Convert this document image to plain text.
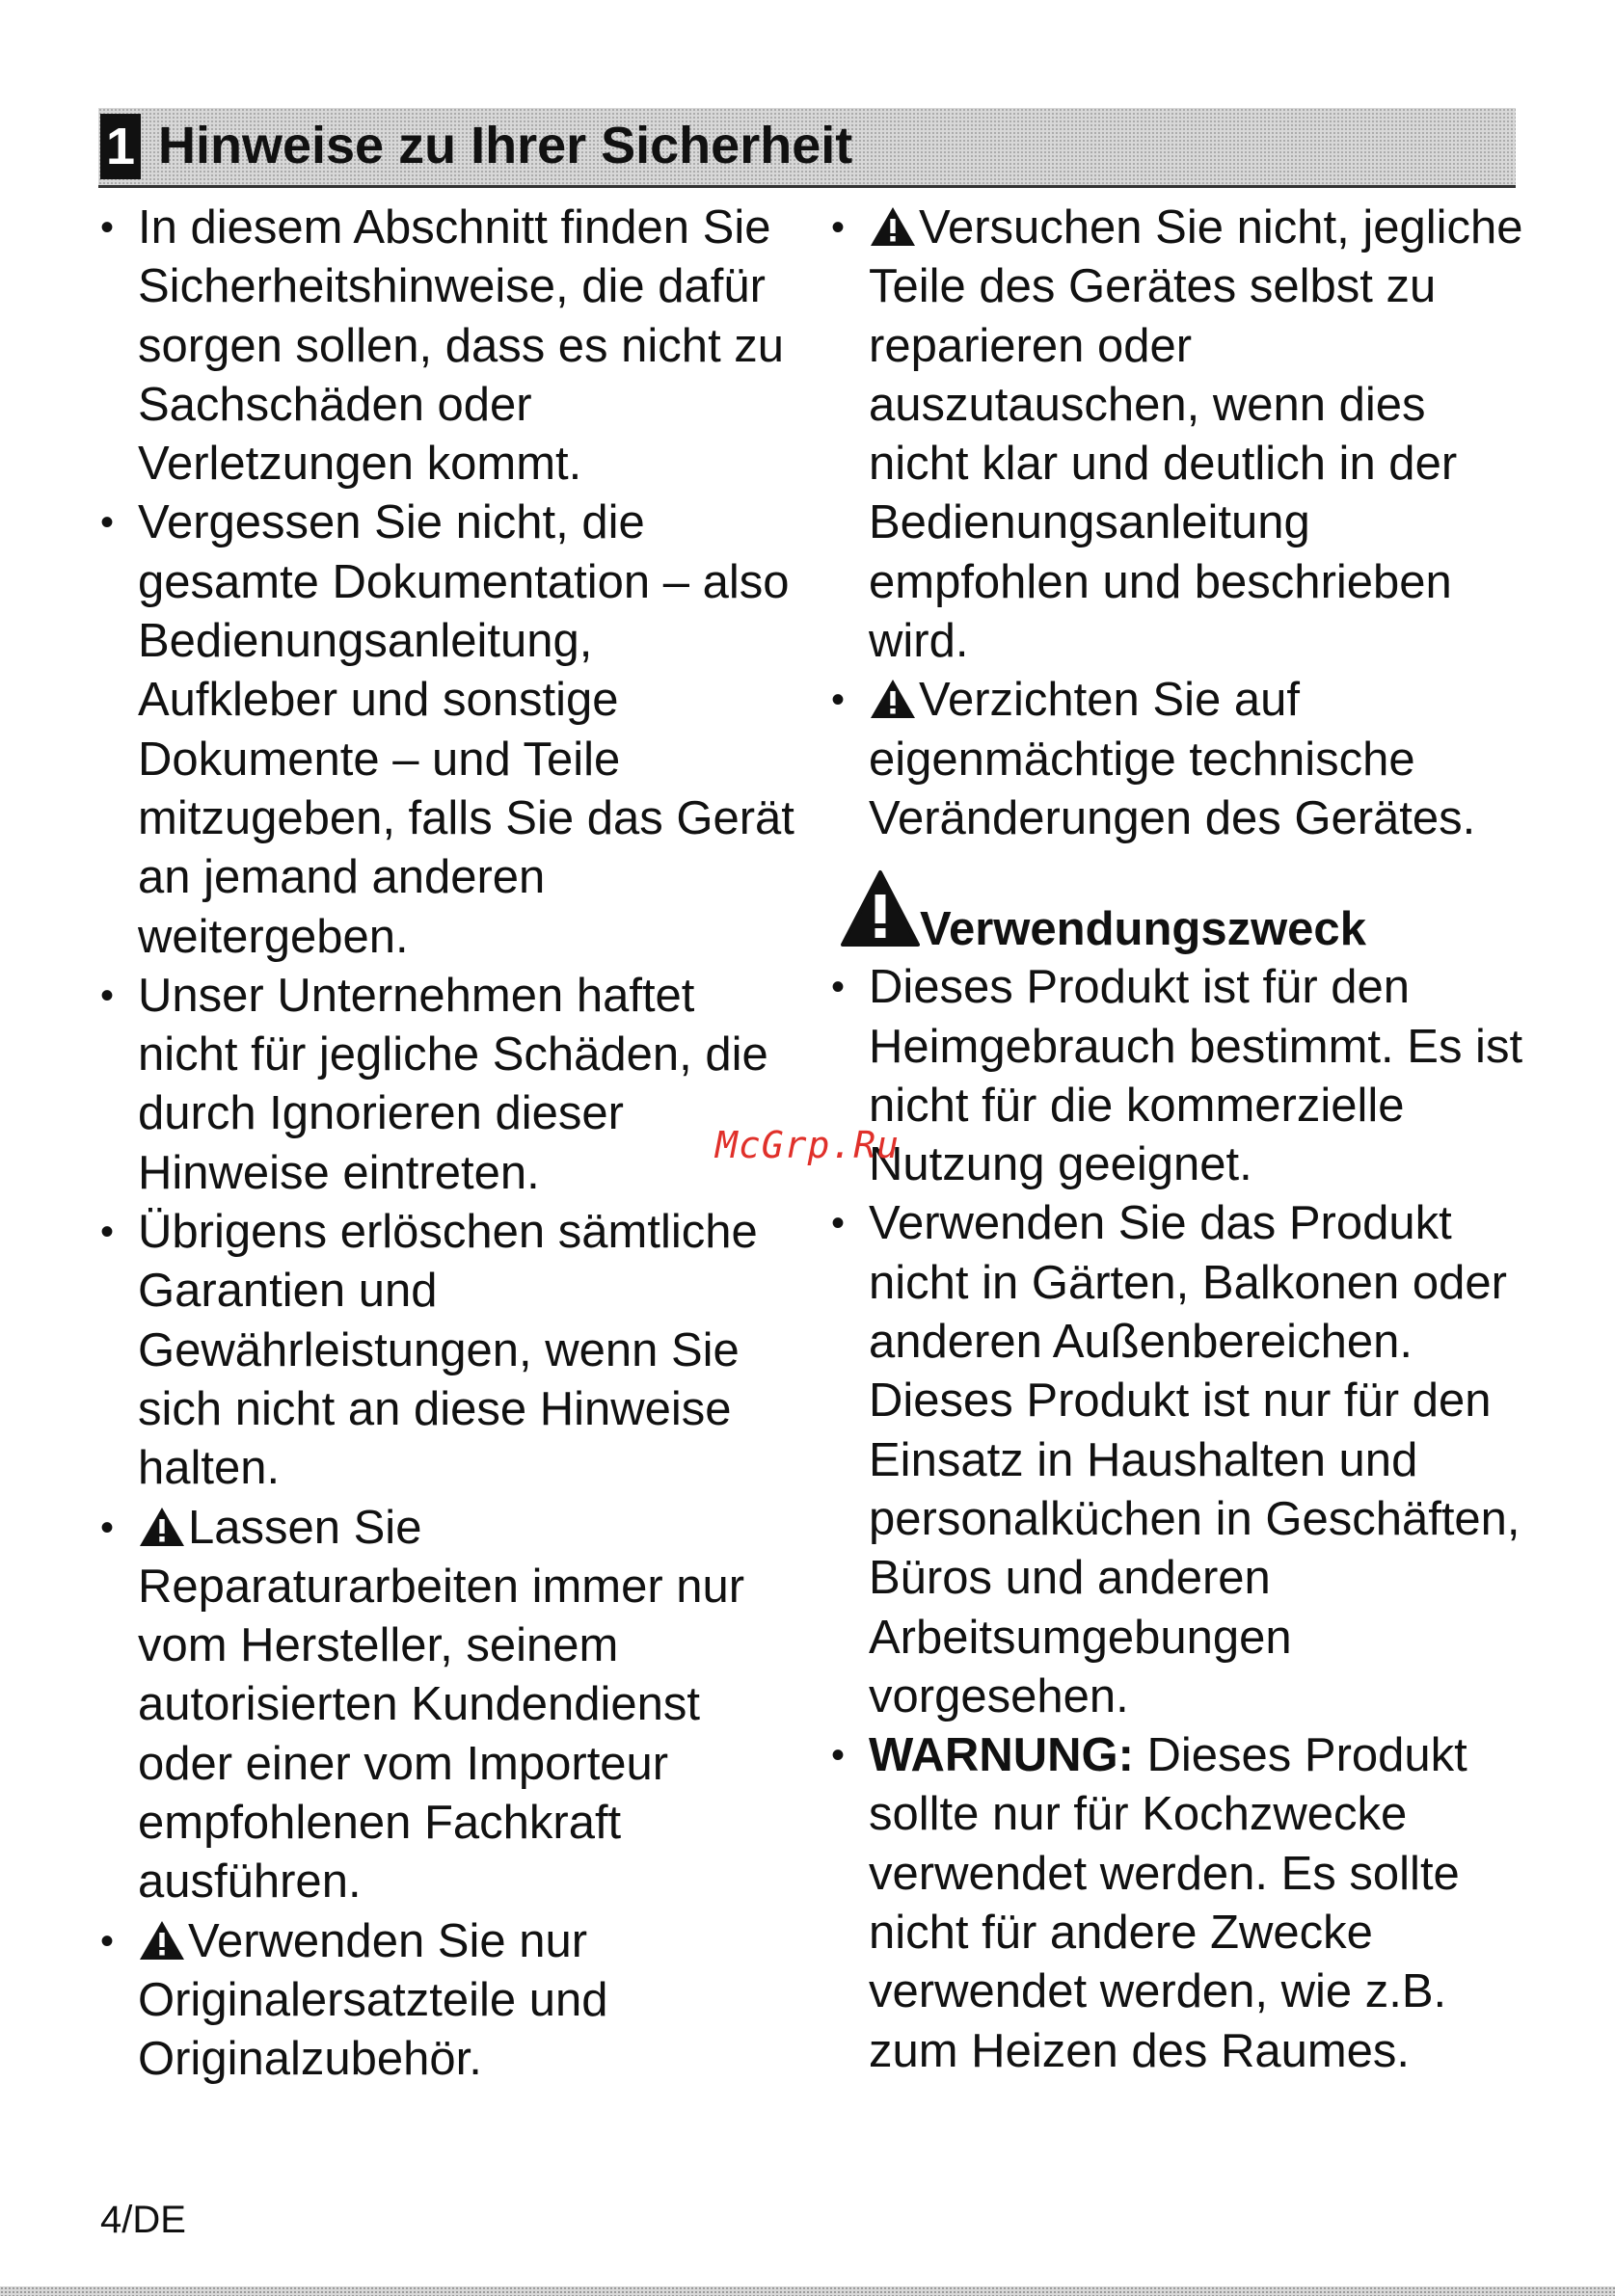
1 Hinweise zu Ihrer Sicherheit
• In diesem Abschnitt finden Sie Sicherheitshinweise, die dafür sorgen sollen, dass es nicht zu Sachschäden oder Verletzungen kommt.
• Vergessen Sie nicht, die gesamte Dokumentation – also Bedienungsanleitung, Aufkleber und sonstige Dokumente – und Teile mitzugeben, falls Sie das Gerät an jemand anderen weitergeben.
• Unser Unternehmen haftet nicht für jegliche Schäden, die durch Ignorieren dieser Hinweise eintreten.
• Übrigens erlöschen sämtliche Garantien und Gewährleistungen, wenn Sie sich nicht an diese Hinweise halten.
• Lassen Sie Reparaturarbeiten immer nur vom Hersteller, seinem autorisierten Kundendienst oder einer vom Importeur empfohlenen Fachkraft ausführen.
• Verwenden Sie nur Originalersatzteile und Originalzubehör.
• Versuchen Sie nicht, jegliche Teile des Gerätes selbst zu reparieren oder auszutauschen, wenn dies nicht klar und deutlich in der Bedienungsanleitung empfohlen und beschrieben wird.
• Verzichten Sie auf eigenmächtige technische Veränderungen des Gerätes.
Verwendungszweck
• Dieses Produkt ist für den Heimgebrauch bestimmt. Es ist nicht für die kommerzielle Nutzung geeignet.
• Verwenden Sie das Produkt nicht in Gärten, Balkonen oder anderen Außenbereichen. Dieses Produkt ist nur für den Einsatz in Haushalten und personalküchen in Geschäften, Büros und anderen Arbeitsumgebungen vorgesehen.
• WARNUNG: Dieses Produkt sollte nur für Kochzwecke verwendet werden. Es sollte nicht für andere Zwecke verwendet werden, wie z.B. zum Heizen des Raumes.
McGrp.Ru
4/DE
